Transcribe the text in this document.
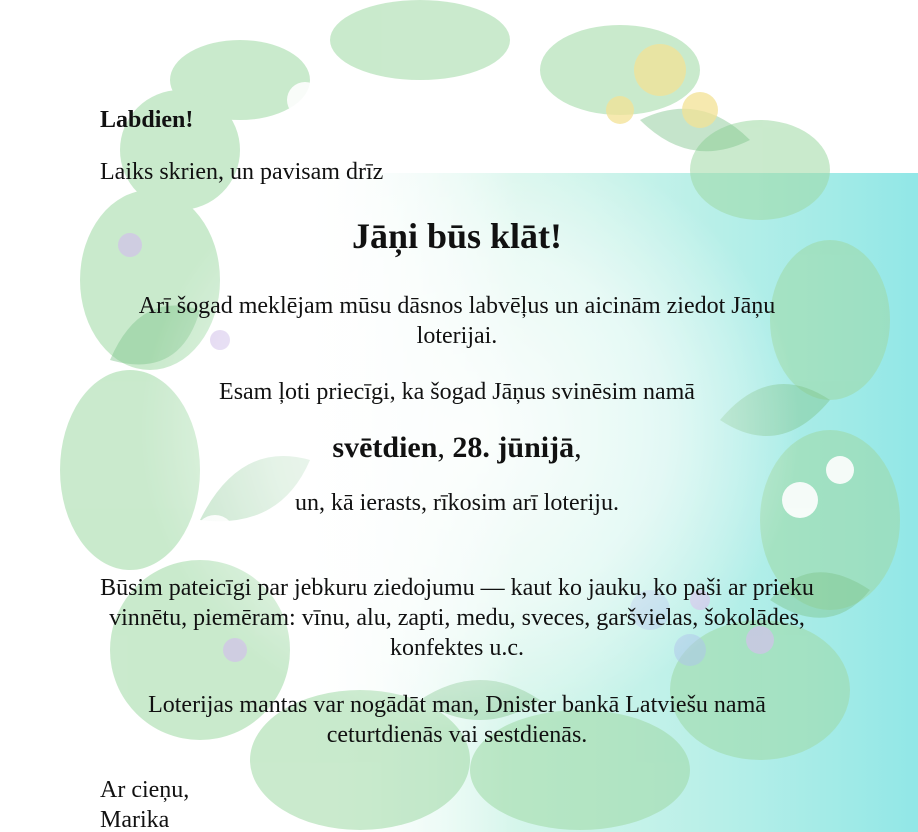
Labdien!
Laiks skrien, un pavisam drīz
Jāņi būs klāt!
Arī šogad meklējam mūsu dāsnos labvēļus un aicinām ziedot Jāņu loterijai.
Esam ļoti priecīgi, ka šogad Jāņus svinēsim namā
svētdien, 28. jūnijā,
un, kā ierasts, rīkosim arī loteriju.
Būsim pateicīgi par jebkuru ziedojumu — kaut ko jauku, ko paši ar prieku vinnētu, piemēram: vīnu, alu, zapti, medu, sveces, garšvielas, šokolādes, konfektes u.c.
Loterijas mantas var nogādāt man, Dnister bankā Latviešu namā ceturtdienās vai sestdienās.
Ar cieņu,
Marika
